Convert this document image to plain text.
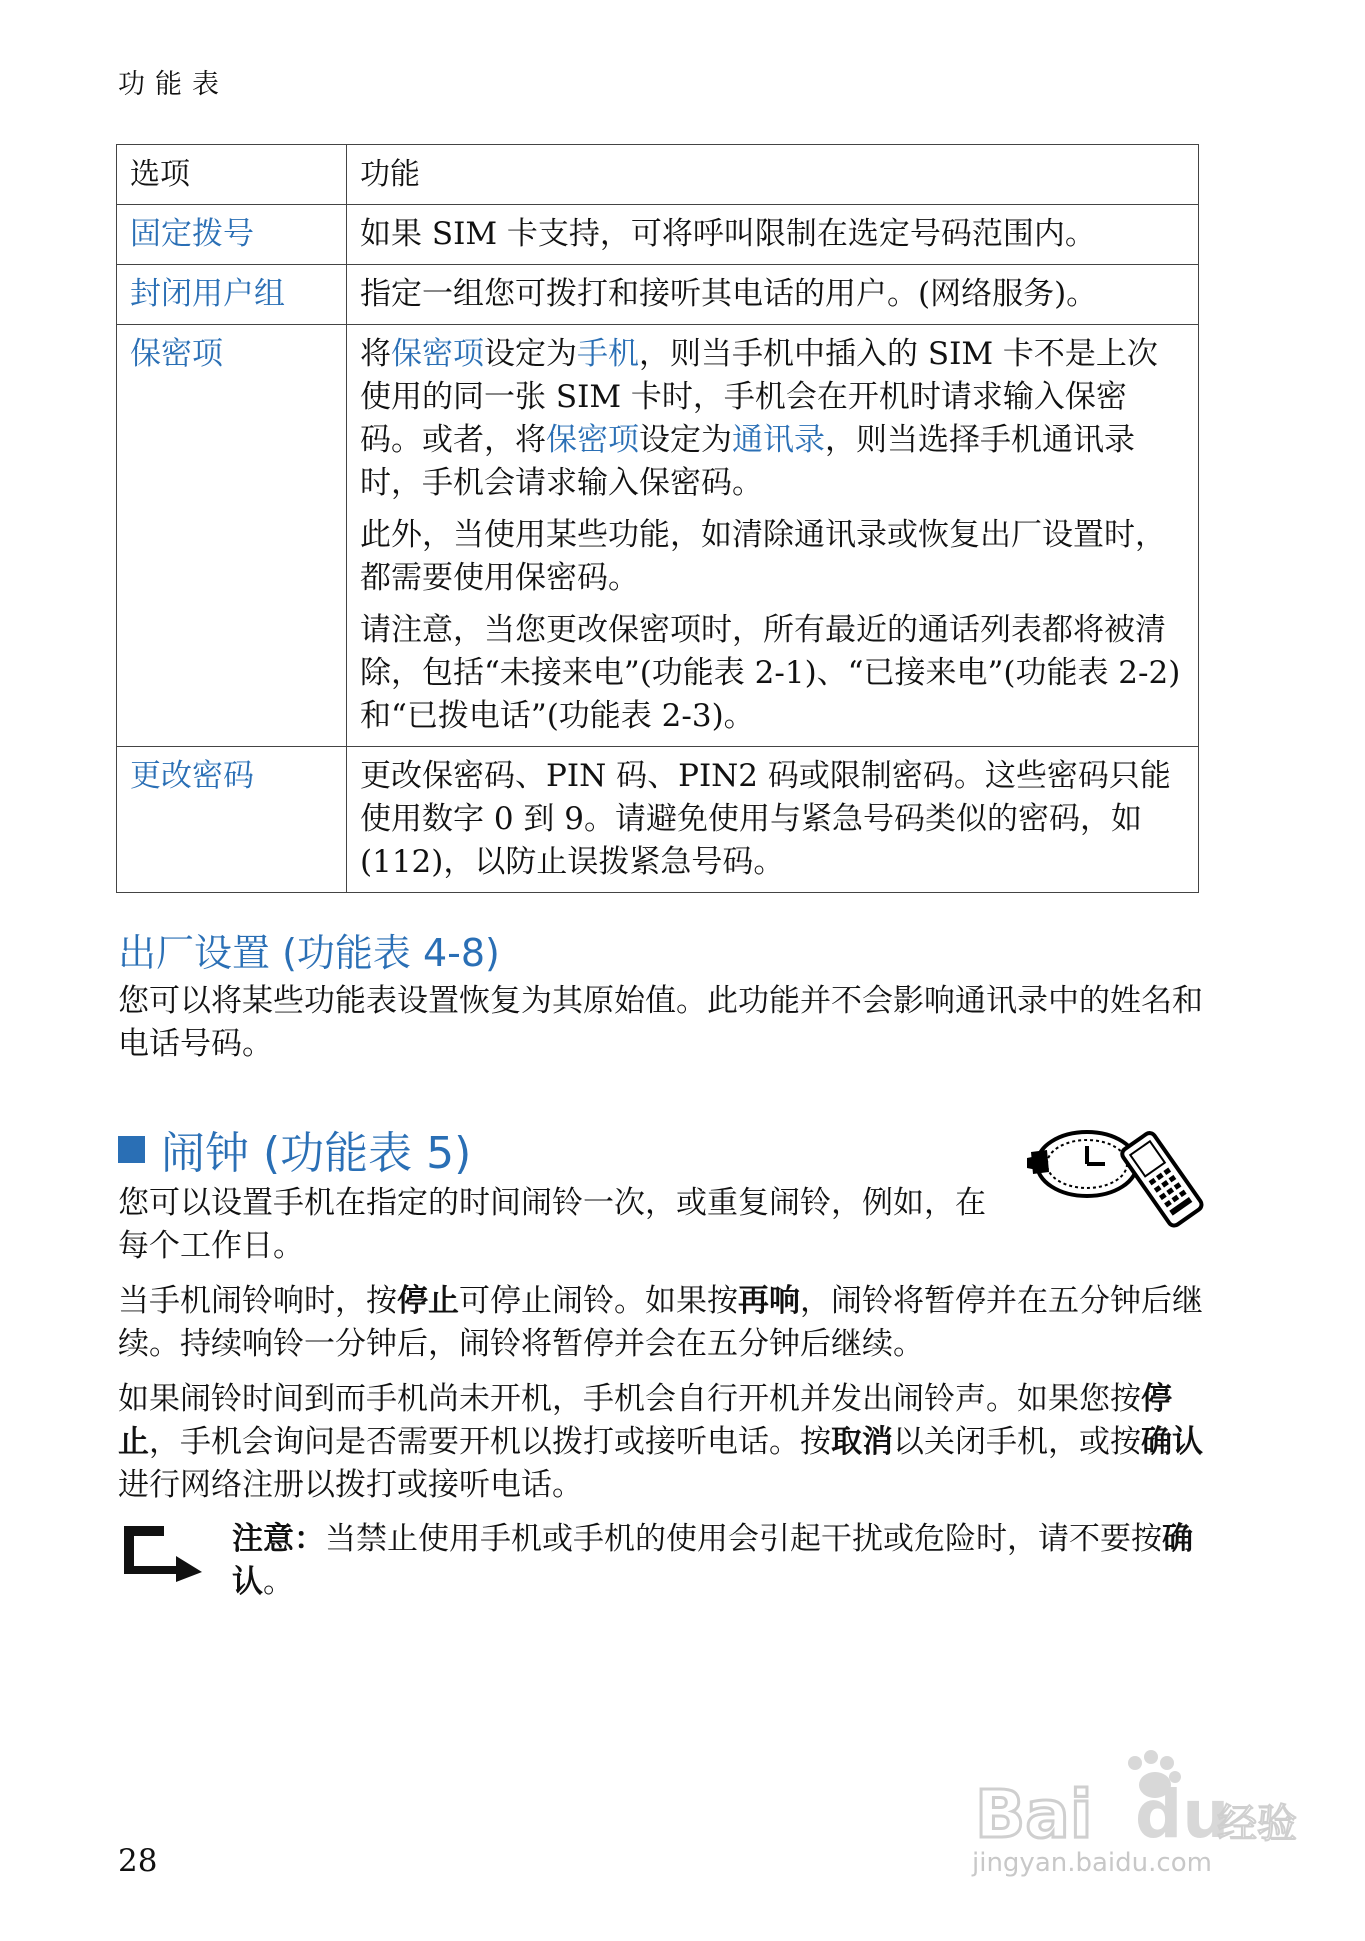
功能表
选项	功能
固定拨号	如果 SIM 卡支持，可将呼叫限制在选定号码范围内。
封闭用户组	指定一组您可拨打和接听其电话的用户。(网络服务)。
保密项	将保密项设定为手机，则当手机中插入的 SIM 卡不是上次使用的同一张 SIM 卡时，手机会在开机时请求输入保密码。或者，将保密项设定为通讯录，则当选择手机通讯录时，手机会请求输入保密码。
此外，当使用某些功能，如清除通讯录或恢复出厂设置时，都需要使用保密码。
请注意，当您更改保密项时，所有最近的通话列表都将被清除，包括“未接来电”(功能表 2-1)、“已接来电”(功能表 2-2) 和“已拨电话”(功能表 2-3)。

更改密码	更改保密码、PIN 码、PIN2 码或限制密码。这些密码只能使用数字 0 到 9。请避免使用与紧急号码类似的密码，如 (112)，以防止误拨紧急号码。
出厂设置 (功能表 4-8)
您可以将某些功能表设置恢复为其原始值。此功能并不会影响通讯录中的姓名和电话号码。
闹钟 (功能表 5)
您可以设置手机在指定的时间闹铃一次，或重复闹铃，例如，在每个工作日。
当手机闹铃响时，按停止可停止闹铃。如果按再响，闹铃将暂停并在五分钟后继续。持续响铃一分钟后，闹铃将暂停并会在五分钟后继续。
如果闹铃时间到而手机尚未开机，手机会自行开机并发出闹铃声。如果您按停止，手机会询问是否需要开机以拨打或接听电话。按取消以关闭手机，或按确认进行网络注册以拨打或接听电话。
注意：当禁止使用手机或手机的使用会引起干扰或危险时，请不要按确认。
28
Bai du
经验
jingyan.baidu.com
